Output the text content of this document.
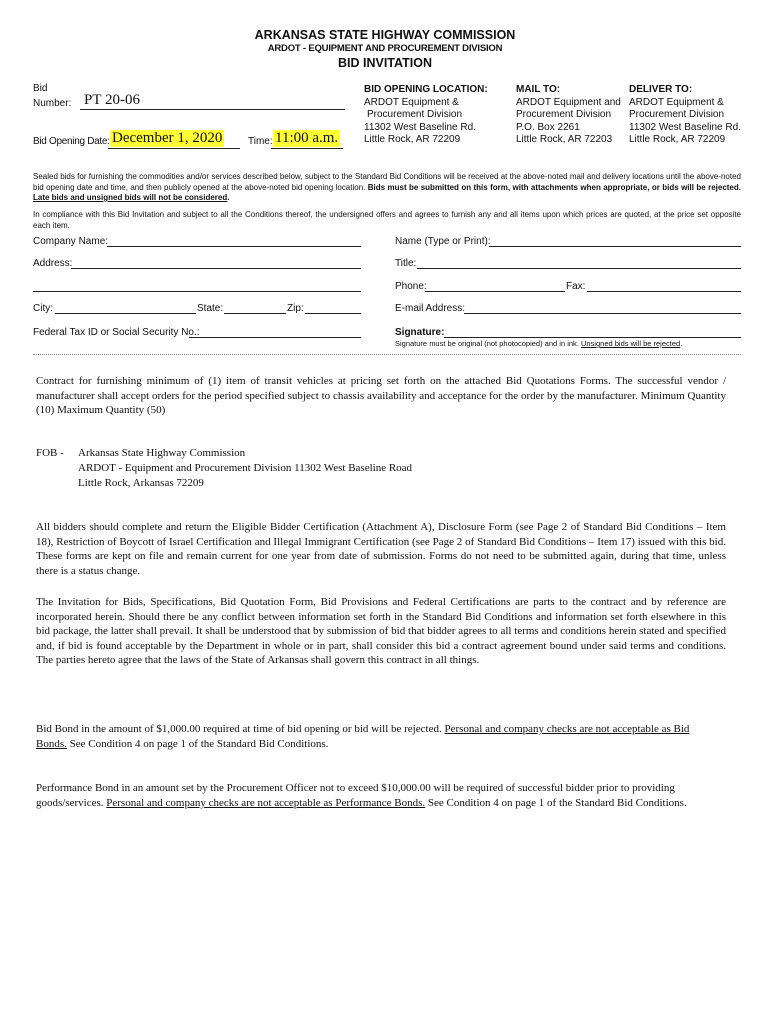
ARKANSAS STATE HIGHWAY COMMISSION
ARDOT - EQUIPMENT AND PROCUREMENT DIVISION
BID INVITATION
Bid
Number: PT 20-06
Bid Opening Date: December 1, 2020	Time: 11:00 a.m.
BID OPENING LOCATION:
ARDOT Equipment &
Procurement Division
11302 West Baseline Rd.
Little Rock, AR 72209
MAIL TO:
ARDOT Equipment and
Procurement Division
P.O. Box 2261
Little Rock, AR 72203
DELIVER TO:
ARDOT Equipment &
Procurement Division
11302 West Baseline Rd.
Little Rock, AR 72209
Sealed bids for furnishing the commodities and/or services described below, subject to the Standard Bid Conditions will be received at the above-noted mail and delivery locations until the above-noted bid opening date and time, and then publicly opened at the above-noted bid opening location. Bids must be submitted on this form, with attachments when appropriate, or bids will be rejected. Late bids and unsigned bids will not be considered.
In compliance with this Bid Invitation and subject to all the Conditions thereof, the undersigned offers and agrees to furnish any and all items upon which prices are quoted, at the price set opposite each item.
Company Name:
Address:
City:	State:	Zip:
Federal Tax ID or Social Security No.:
Name (Type or Print):
Title:
Phone:	Fax:
E-mail Address:
Signature:
Signature must be original (not photocopied) and in ink. Unsigned bids will be rejected.
Contract for furnishing minimum of (1) item of transit vehicles at pricing set forth on the attached Bid Quotations Forms. The successful vendor / manufacturer shall accept orders for the period specified subject to chassis availability and acceptance for the order by the manufacturer. Minimum Quantity (10) Maximum Quantity (50)
FOB - Arkansas State Highway Commission
ARDOT - Equipment and Procurement Division 11302 West Baseline Road
Little Rock, Arkansas 72209
All bidders should complete and return the Eligible Bidder Certification (Attachment A), Disclosure Form (see Page 2 of Standard Bid Conditions – Item 18), Restriction of Boycott of Israel Certification and Illegal Immigrant Certification (see Page 2 of Standard Bid Conditions – Item 17) issued with this bid. These forms are kept on file and remain current for one year from date of submission. Forms do not need to be submitted again, during that time, unless there is a status change.
The Invitation for Bids, Specifications, Bid Quotation Form, Bid Provisions and Federal Certifications are parts to the contract and by reference are incorporated herein. Should there be any conflict between information set forth in the Standard Bid Conditions and information set forth elsewhere in this bid package, the latter shall prevail. It shall be understood that by submission of bid that bidder agrees to all terms and conditions herein stated and specified and, if bid is found acceptable by the Department in whole or in part, shall consider this bid a contract agreement bound under said terms and conditions. The parties hereto agree that the laws of the State of Arkansas shall govern this contract in all things.
Bid Bond in the amount of $1,000.00 required at time of bid opening or bid will be rejected. Personal and company checks are not acceptable as Bid Bonds. See Condition 4 on page 1 of the Standard Bid Conditions.
Performance Bond in an amount set by the Procurement Officer not to exceed $10,000.00 will be required of successful bidder prior to providing goods/services. Personal and company checks are not acceptable as Performance Bonds. See Condition 4 on page 1 of the Standard Bid Conditions.
